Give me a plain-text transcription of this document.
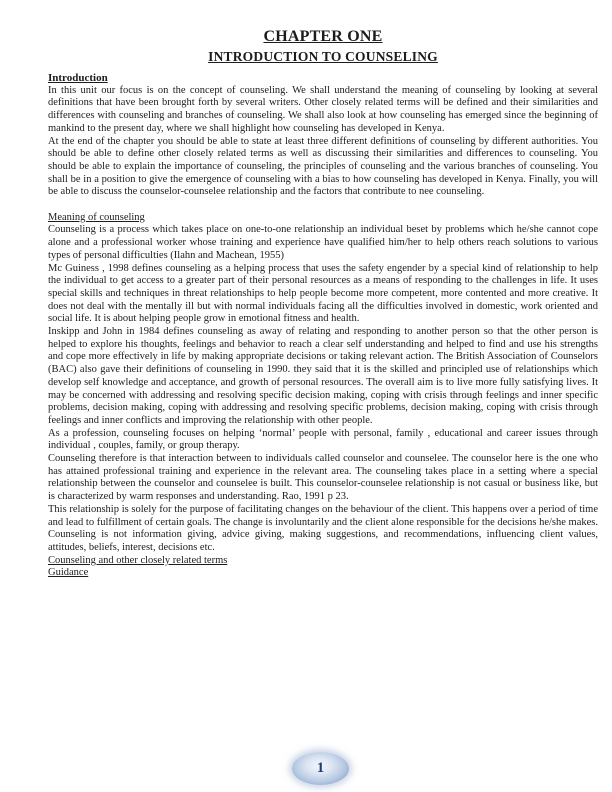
CHAPTER ONE
INTRODUCTION TO COUNSELING
Introduction

In this unit our focus is on the concept of counseling. We shall understand the meaning of counseling by looking at several definitions that have been brought forth by several writers. Other closely related terms will be defined and their similarities and differences with counseling and branches of counseling. We shall also look at how counseling has emerged since the beginning of mankind to the present day, where we shall highlight how counseling has developed in Kenya.

At the end of the chapter you should be able to state at least three different definitions of counseling by different authorities. You should be able to define other closely related terms as well as discussing their similarities and differences to counseling. You should be able to explain the importance of counseling, the principles of counseling and the various branches of counseling. You shall be in a position to give the emergence of counseling with a bias to how counseling has developed in Kenya. Finally, you will be able to discuss the counselor-counselee relationship and the factors that contribute to nee counseling.

Meaning of counseling

Counseling is a process which takes place on one-to-one relationship an individual beset by problems which he/she cannot cope alone and a professional worker whose training and experience have qualified him/her to help others reach solutions to various types of personal difficulties (Ilahn and Machean, 1955)

Mc Guiness , 1998 defines counseling as a helping process that uses the safety engender by a special kind of relationship to help the individual to get access to a greater part of their personal resources as a means of responding to the challenges in life. It uses special skills and techniques in threat relationships to help people become more competent, more contented and more creative. It does not deal with the mentally ill but with normal individuals facing all the difficulties involved in domestic, work oriented and social life. It is about helping people grow in emotional fitness and health.

Inskipp and John in 1984 defines counseling as away of relating and responding to another person so that the other person is helped to explore his thoughts, feelings and behavior to reach a clear self understanding and helped to find and use his strengths and cope more effectively in life by making appropriate decisions or taking relevant action. The British Association of Counselors (BAC) also gave their definitions of counseling in 1990. they said that it is the skilled and principled use of relationships which develop self knowledge and acceptance, and growth of personal resources. The overall aim is to live more fully satisfying lives. It may be concerned with addressing and resolving specific decision making, coping with crisis through feelings and inner specific problems, decision making, coping with addressing and resolving specific problems, decision making, coping with crisis through feelings and inner conflicts and improving the relationship with other people.

As a profession, counseling focuses on helping ‘normal’ people with personal, family , educational and career issues through individual , couples, family, or group therapy.

Counseling therefore is that interaction between to individuals called counselor and counselee. The counselor here is the one who has attained professional training and experience in the relevant area. The counseling takes place in a setting where a special relationship between the counselor and counselee is built. This counselor-counselee relationship is not casual or business like, but is characterized by warm responses and understanding. Rao, 1991 p 23.

This relationship is solely for the purpose of facilitating changes on the behaviour of the client. This happens over a period of time and lead to fulfillment of certain goals. The change is involuntarily and the client alone responsible for the decisions he/she makes. Counseling is not information giving, advice giving, making suggestions, and recommendations, influencing client values, attitudes, beliefs, interest, decisions etc.

Counseling and other closely related terms
Guidance
1
